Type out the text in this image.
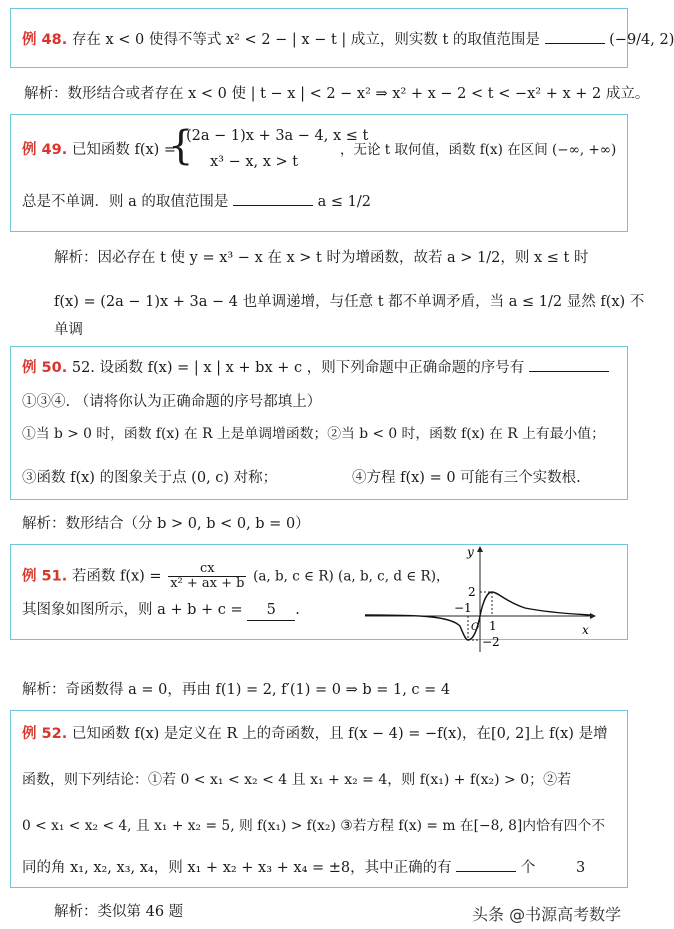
例 48. 存在 x < 0 使得不等式 x² < 2 − | x − t | 成立，则实数 t 的取值范围是	(−9/4, 2)
解析：数形结合或者存在 x < 0 使 | t − x | < 2 − x² ⇒ x² + x − 2 < t < −x² + x + 2 成立。
例 49. 已知函数 f(x) =
{
(2a − 1)x + 3a − 4, x ≤ t
x³ − x, x > t
，无论 t 取何值，函数 f(x) 在区间 (−∞, +∞)
总是不单调．则 a 的取值范围是	a ≤ 1/2
解析：因必存在 t 使 y = x³ − x 在 x > t 时为增函数，故若 a > 1/2，则 x ≤ t 时
f(x) = (2a − 1)x + 3a − 4 也单调递增，与任意 t 都不单调矛盾，当 a ≤ 1/2 显然 f(x) 不
单调
例 50. 52. 设函数 f(x) = | x | x + bx + c ，则下列命题中正确命题的序号有
①③④. （请将你认为正确命题的序号都填上）
①当 b > 0 时，函数 f(x) 在 R 上是单调增函数；②当 b < 0 时，函数 f(x) 在 R 上有最小值；
③函数 f(x) 的图象关于点 (0, c) 对称；	④方程 f(x) = 0 可能有三个实数根.
解析：数形结合（分 b > 0, b < 0, b = 0）
例 51. 若函数 $f(x) = \frac{cx}{\text{x² + ax + b}} (a$, b, c ∈ R) (a, b, c, d ∈ R)，
其图象如图所示，则 a + b + c = 5 .
y
x
2
−1
1
O
−2
解析：奇函数得 a = 0，再由 f(1) = 2, f′(1) = 0 ⇒ b = 1, c = 4
例 52. 已知函数 f(x) 是定义在 R 上的奇函数，且 f(x − 4) = −f(x)，在[0, 2]上 f(x) 是增
函数，则下列结论：①若 0 < x₁ < x₂ < 4 且 x₁ + x₂ = 4，则 f(x₁) + f(x₂) > 0；②若
0 < x₁ < x₂ < 4, 且 x₁ + x₂ = 5, 则 f(x₁) > f(x₂) ③若方程 f(x) = m 在[−8, 8]内恰有四个不
同的角 x₁, x₂, x₃, x₄，则 x₁ + x₂ + x₃ + x₄ = ±8，其中正确的有	个	3
解析：类似第 46 题	头条 @书源高考数学
